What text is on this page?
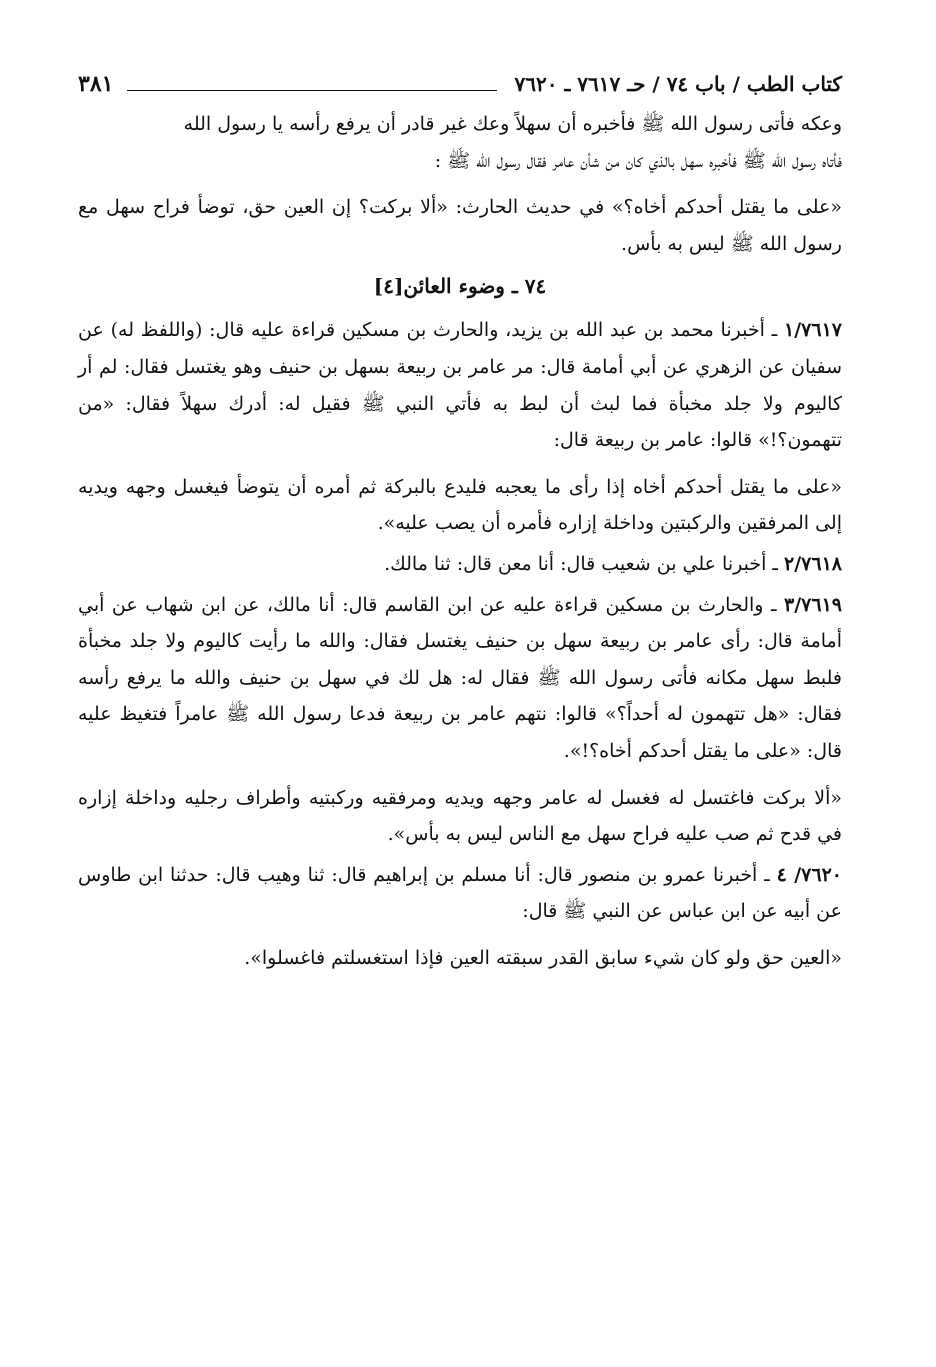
٣٨١	كتاب الطب / باب ٧٤ / حـ ٧٦١٧ ـ ٧٦٢٠

وعكه فأتى رسول الله ﷺ فأخبره أن سهلاً وعك غير قادر أن يرفع رأسه يا رسول الله

فأتاه رسول الله ﷺ فأخبره سهل بالذي كان من شأن عامر فقال رسول الله ﷺ :

«على ما يقتل أحدكم أخاه؟» في حديث الحارث: «ألا بركت؟ إن العين حق، توضأ فراح سهل مع رسول الله ﷺ ليس به بأس.

٧٤ ـ وضوء العائن[٤]

١/٧٦١٧ ـ أخبرنا محمد بن عبد الله بن يزيد، والحارث بن مسكين قراءة عليه قال: (واللفظ له) عن سفيان عن الزهري عن أبي أمامة قال: مر عامر بن ربيعة بسهل بن حنيف وهو يغتسل فقال: لم أر كاليوم ولا جلد مخبأة فما لبث أن لبط به فأتي النبي ﷺ فقيل له: أدرك سهلاً فقال: «من تتهمون؟!» قالوا: عامر بن ربيعة قال:

«على ما يقتل أحدكم أخاه إذا رأى ما يعجبه فليدع بالبركة ثم أمره أن يتوضأ فيغسل وجهه ويديه إلى المرفقين والركبتين وداخلة إزاره فأمره أن يصب عليه».

٢/٧٦١٨ ـ أخبرنا علي بن شعيب قال: أنا معن قال: ثنا مالك.

٣/٧٦١٩ ـ والحارث بن مسكين قراءة عليه عن ابن القاسم قال: أنا مالك، عن ابن شهاب عن أبي أمامة قال: رأى عامر بن ربيعة سهل بن حنيف يغتسل فقال: والله ما رأيت كاليوم ولا جلد مخبأة فلبط سهل مكانه فأتى رسول الله ﷺ فقال له: هل لك في سهل بن حنيف والله ما يرفع رأسه فقال: «هل تتهمون له أحداً؟» قالوا: نتهم عامر بن ربيعة فدعا رسول الله ﷺ عامراً فتغيظ عليه قال: «على ما يقتل أحدكم أخاه؟!».

«ألا بركت فاغتسل له فغسل له عامر وجهه ويديه ومرفقيه وركبتيه وأطراف رجليه وداخلة إزاره في قدح ثم صب عليه فراح سهل مع الناس ليس به بأس».

٧٦٢٠/ ٤ ـ أخبرنا عمرو بن منصور قال: أنا مسلم بن إبراهيم قال: ثنا وهيب قال: حدثنا ابن طاوس عن أبيه عن ابن عباس عن النبي ﷺ قال:

«العين حق ولو كان شيء سابق القدر سبقته العين فإذا استغسلتم فاغسلوا».
